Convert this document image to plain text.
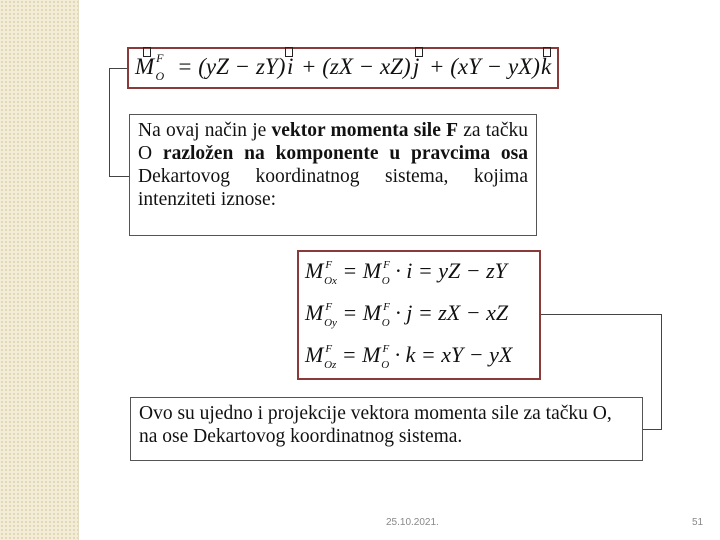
M $^F_O$ = (yZ − zY) i + (zX − xZ) j + (xY − yX) k
Na ovaj način je vektor momenta sile F za tačku O razložen na komponente u pravcima osa Dekartovog koordinatnog sistema, kojima intenziteti iznose:
M $^F_{Ox}$ = M $^F_O$ · i = yZ − zY
M $^F_{Oy}$ = M $^F_O$ · j = zX − xZ
M $^F_{Oz}$ = M $^F_O$ · k = xY − yX
Ovo su ujedno i projekcije vektora momenta sile za tačku O, na ose Dekartovog koordinatnog sistema.
25.10.2021.	51
